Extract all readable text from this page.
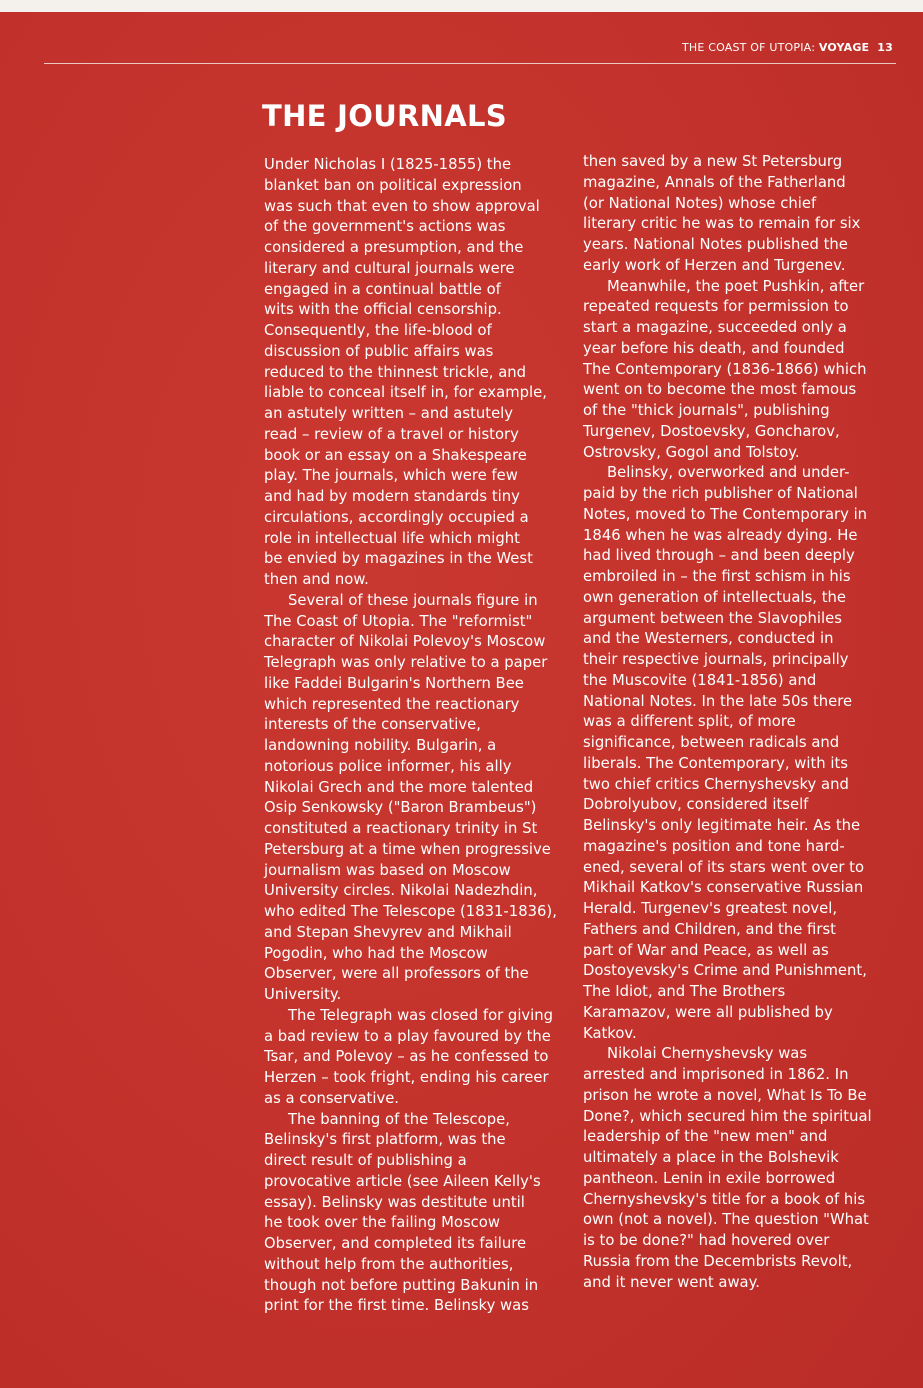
THE COAST OF UTOPIA: VOYAGE 13
THE JOURNALS
Under Nicholas I (1825-1855) the
blanket ban on political expression
was such that even to show approval
of the government's actions was
considered a presumption, and the
literary and cultural journals were
engaged in a continual battle of
wits with the official censorship.
Consequently, the life-blood of
discussion of public affairs was
reduced to the thinnest trickle, and
liable to conceal itself in, for example,
an astutely written – and astutely
read – review of a travel or history
book or an essay on a Shakespeare
play. The journals, which were few
and had by modern standards tiny
circulations, accordingly occupied a
role in intellectual life which might
be envied by magazines in the West
then and now.
Several of these journals figure in
The Coast of Utopia. The "reformist"
character of Nikolai Polevoy's Moscow
Telegraph was only relative to a paper
like Faddei Bulgarin's Northern Bee
which represented the reactionary
interests of the conservative,
landowning nobility. Bulgarin, a
notorious police informer, his ally
Nikolai Grech and the more talented
Osip Senkowsky ("Baron Brambeus")
constituted a reactionary trinity in St
Petersburg at a time when progressive
journalism was based on Moscow
University circles. Nikolai Nadezhdin,
who edited The Telescope (1831-1836),
and Stepan Shevyrev and Mikhail
Pogodin, who had the Moscow
Observer, were all professors of the
University.
The Telegraph was closed for giving
a bad review to a play favoured by the
Tsar, and Polevoy – as he confessed to
Herzen – took fright, ending his career
as a conservative.
The banning of the Telescope,
Belinsky's first platform, was the
direct result of publishing a
provocative article (see Aileen Kelly's
essay). Belinsky was destitute until
he took over the failing Moscow
Observer, and completed its failure
without help from the authorities,
though not before putting Bakunin in
print for the first time. Belinsky was
then saved by a new St Petersburg
magazine, Annals of the Fatherland
(or National Notes) whose chief
literary critic he was to remain for six
years. National Notes published the
early work of Herzen and Turgenev.
Meanwhile, the poet Pushkin, after
repeated requests for permission to
start a magazine, succeeded only a
year before his death, and founded
The Contemporary (1836-1866) which
went on to become the most famous
of the "thick journals", publishing
Turgenev, Dostoevsky, Goncharov,
Ostrovsky, Gogol and Tolstoy.
Belinsky, overworked and under-
paid by the rich publisher of National
Notes, moved to The Contemporary in
1846 when he was already dying. He
had lived through – and been deeply
embroiled in – the first schism in his
own generation of intellectuals, the
argument between the Slavophiles
and the Westerners, conducted in
their respective journals, principally
the Muscovite (1841-1856) and
National Notes. In the late 50s there
was a different split, of more
significance, between radicals and
liberals. The Contemporary, with its
two chief critics Chernyshevsky and
Dobrolyubov, considered itself
Belinsky's only legitimate heir. As the
magazine's position and tone hard-
ened, several of its stars went over to
Mikhail Katkov's conservative Russian
Herald. Turgenev's greatest novel,
Fathers and Children, and the first
part of War and Peace, as well as
Dostoyevsky's Crime and Punishment,
The Idiot, and The Brothers
Karamazov, were all published by
Katkov.
Nikolai Chernyshevsky was
arrested and imprisoned in 1862. In
prison he wrote a novel, What Is To Be
Done?, which secured him the spiritual
leadership of the "new men" and
ultimately a place in the Bolshevik
pantheon. Lenin in exile borrowed
Chernyshevsky's title for a book of his
own (not a novel). The question "What
is to be done?" had hovered over
Russia from the Decembrists Revolt,
and it never went away.
